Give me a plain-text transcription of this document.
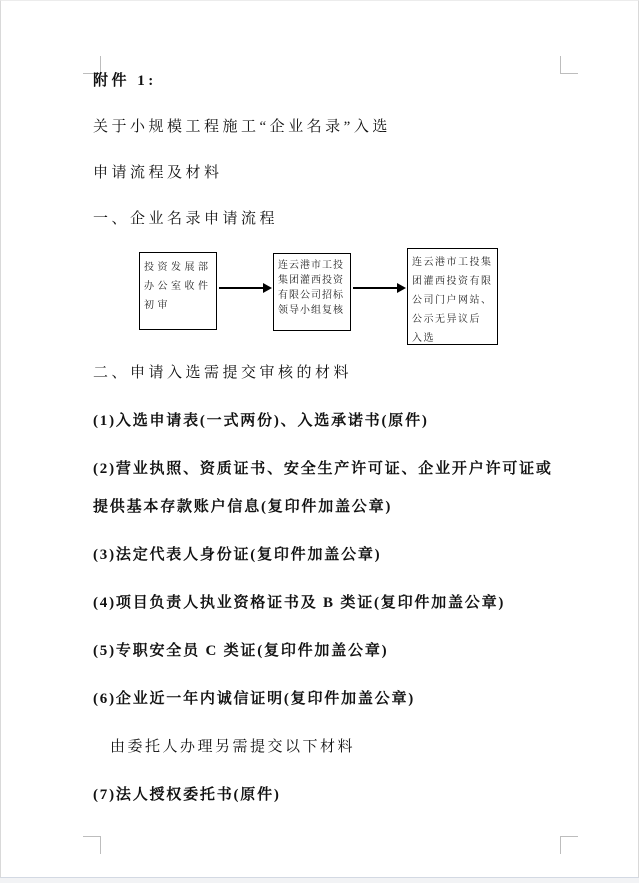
附件 1:

关于小规模工程施工“企业名录”入选

申请流程及材料

一、企业名录申请流程

投资发展部
办公室收件
初审
连云港市工投
集团灌西投资
有限公司招标
领导小组复核
连云港市工投集
团灌西投资有限
公司门户网站、
公示无异议后
入选

二、申请入选需提交审核的材料

(1)入选申请表(一式两份)、入选承诺书(原件)

(2)营业执照、资质证书、安全生产许可证、企业开户许可证或提供基本存款账户信息(复印件加盖公章)

(3)法定代表人身份证(复印件加盖公章)

(4)项目负责人执业资格证书及 B 类证(复印件加盖公章)

(5)专职安全员 C 类证(复印件加盖公章)

(6)企业近一年内诚信证明(复印件加盖公章)

由委托人办理另需提交以下材料

(7)法人授权委托书(原件)
